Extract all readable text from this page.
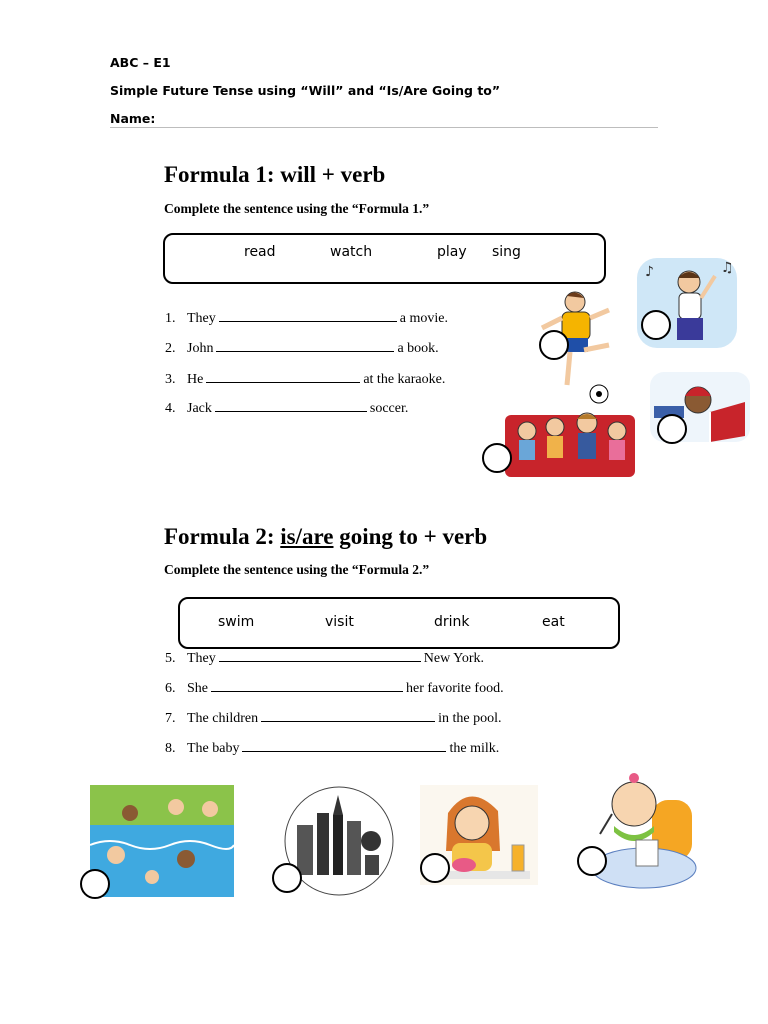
ABC – E1
Simple Future Tense using “Will” and “Is/Are Going to”
Name:
Formula 1: will + verb
Complete the sentence using the “Formula 1.”
read	watch	play sing
1. They	a movie.
2. John	a book.
3. He	at the karaoke.
4. Jack	soccer.
♪	♫
Formula 2: is/are going to + verb
Complete the sentence using the “Formula 2.”
swim	visit	drink	eat
5. They	New York.
6. She	her favorite food.
7. The children	in the pool.
8. The baby	the milk.
